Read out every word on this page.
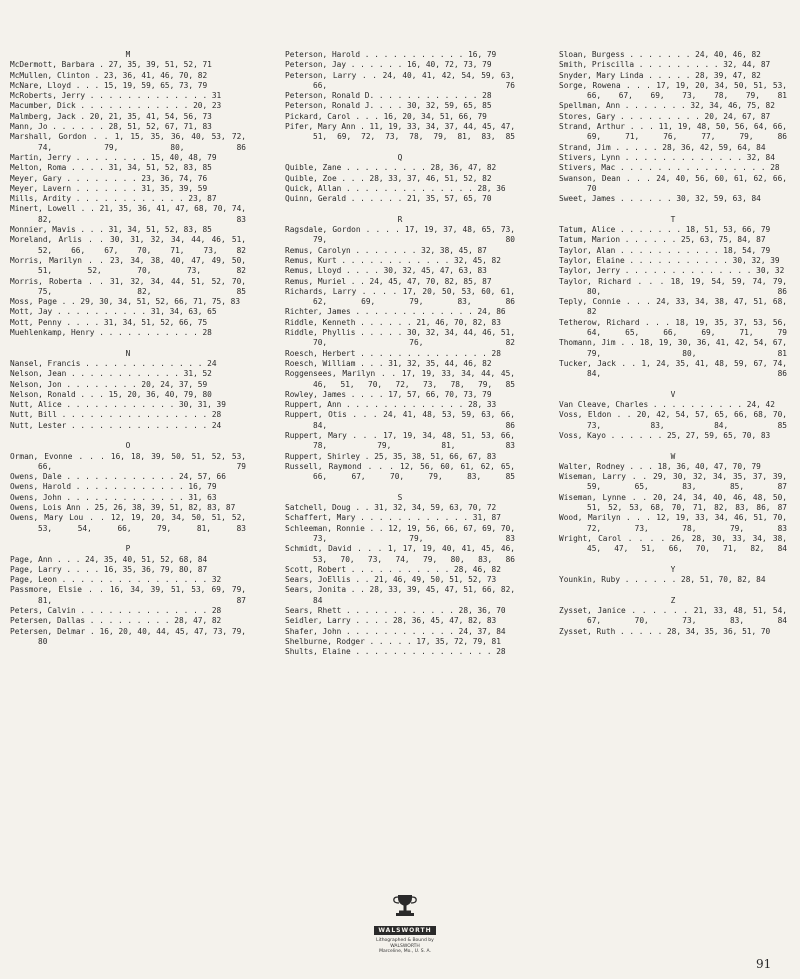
M
McDermott, Barbara . 27, 35, 39, 51, 52, 71
McMullen, Clinton . 23, 36, 41, 46, 70, 82
McNare, Lloyd . . . 15, 19, 59, 65, 73, 79
McRoberts, Jerry . . . . . . . . . . . . . 31
Macumber, Dick . . . . . . . . . . . . 20, 23
Malmberg, Jack . 20, 21, 35, 41, 54, 56, 73
Mann, Jo . . . . . . 28, 51, 52, 67, 71, 83
Marshall, Gordon . . 1, 15, 35, 36, 40, 53, 72, 74, 79, 80, 86
Martin, Jerry . . . . . . . . 15, 40, 48, 79
Melton, Roma . . . . 31, 34, 51, 52, 83, 85
Meyer, Gary . . . . . . . . 23, 36, 74, 76
Meyer, Lavern . . . . . . . 31, 35, 39, 59
Mills, Ardity . . . . . . . . . . . . 23, 87
Minert, Lowell . . 21, 35, 36, 41, 47, 68, 70, 74, 82, 83
Monnier, Mavis . . . 31, 34, 51, 52, 83, 85
Moreland, Arlis . . 30, 31, 32, 34, 44, 46, 51, 52, 66, 67, 70, 71, 73, 82
Morris, Marilyn . . 23, 34, 38, 40, 47, 49, 50, 51, 52, 70, 73, 82
Morris, Roberta . . 31, 32, 34, 44, 51, 52, 70, 75, 82, 85
Moss, Page . . 29, 30, 34, 51, 52, 66, 71, 75, 83
Mott, Jay . . . . . . . . . . 31, 34, 63, 65
Mott, Penny . . . . 31, 34, 51, 52, 66, 75
Muehlenkamp, Henry . . . . . . . . . . . 28
N
Nansel, Francis . . . . . . . . . . . . . 24
Nelson, Jean . . . . . . . . . . . . 31, 52
Nelson, Jon . . . . . . . . 20, 24, 37, 59
Nelson, Ronald . . . 15, 20, 36, 40, 79, 80
Nutt, Alice . . . . . . . . . . . . 30, 31, 39
Nutt, Bill . . . . . . . . . . . . . . . . 28
Nutt, Lester . . . . . . . . . . . . . . . 24
O
Orman, Evonne . . . 16, 18, 39, 50, 51, 52, 53, 66, 79
Owens, Dale . . . . . . . . . . . . 24, 57, 66
Owens, Harold . . . . . . . . . . . . 16, 79
Owens, John . . . . . . . . . . . . . 31, 63
Owens, Lois Ann . 25, 26, 38, 39, 51, 82, 83, 87
Owens, Mary Lou . . 12, 19, 20, 34, 50, 51, 52, 53, 54, 66, 79, 81, 83
P
Page, Ann . . . 24, 35, 40, 51, 52, 68, 84
Page, Larry . . . . 16, 35, 36, 79, 80, 87
Page, Leon . . . . . . . . . . . . . . . . 32
Passmore, Elsie . . 16, 34, 39, 51, 53, 69, 79, 81, 87
Peters, Calvin . . . . . . . . . . . . . . 28
Petersen, Dallas . . . . . . . . . 28, 47, 82
Petersen, Delmar . 16, 20, 40, 44, 45, 47, 73, 79, 80
Peterson, Harold . . . . . . . . . . . 16, 79
Peterson, Jay . . . . . . 16, 40, 72, 73, 79
Peterson, Larry . . 24, 40, 41, 42, 54, 59, 63, 66, 76
Peterson, Ronald D. . . . . . . . . . . . 28
Peterson, Ronald J. . . . 30, 32, 59, 65, 85
Pickard, Carol . . . 16, 20, 34, 51, 66, 79
Pifer, Mary Ann . 11, 19, 33, 34, 37, 44, 45, 47, 51, 69, 72, 73, 78, 79, 81, 83, 85
Q
Quible, Zane . . . . . . . . . 28, 36, 47, 82
Quible, Zoe . . . 28, 33, 37, 46, 51, 52, 82
Quick, Allan . . . . . . . . . . . . . . 28, 36
Quinn, Gerald . . . . . . 21, 35, 57, 65, 70
R
Ragsdale, Gordon . . . . 17, 19, 37, 48, 65, 73, 79, 80
Remus, Carolyn . . . . . . . 32, 38, 45, 87
Remus, Kurt . . . . . . . . . . . . 32, 45, 82
Remus, Lloyd . . . . 30, 32, 45, 47, 63, 83
Remus, Muriel . . 24, 45, 47, 70, 82, 85, 87
Richards, Larry . . . . 17, 20, 50, 53, 60, 61, 62, 69, 79, 83, 86
Richter, James . . . . . . . . . . . . . 24, 86
Riddle, Kenneth . . . . . . 21, 46, 70, 82, 83
Riddle, Phyllis . . . . . 30, 32, 34, 44, 46, 51, 70, 76, 82
Roesch, Herbert . . . . . . . . . . . . . . 28
Roesch, William . . . 31, 32, 35, 44, 46, 82
Roggensees, Marilyn . . 17, 19, 33, 34, 44, 45, 46, 51, 70, 72, 73, 78, 79, 85
Rowley, James . . . . 17, 57, 66, 70, 73, 79
Ruppert, Ann . . . . . . . . . . . . . 28, 33
Ruppert, Otis . . . 24, 41, 48, 53, 59, 63, 66, 84, 86
Ruppert, Mary . . . 17, 19, 34, 48, 51, 53, 66, 78, 79, 81, 83
Ruppert, Shirley . 25, 35, 38, 51, 66, 67, 83
Russell, Raymond . . . 12, 56, 60, 61, 62, 65, 66, 67, 70, 79, 83, 85
S
Satchell, Doug . . 31, 32, 34, 59, 63, 70, 72
Schaffert, Mary . . . . . . . . . . . . 31, 87
Schleeman, Ronnie . . 12, 19, 56, 66, 67, 69, 70, 73, 79, 83
Schmidt, David . . . 1, 17, 19, 40, 41, 45, 46, 53, 70, 73, 74, 79, 80, 83, 86
Scott, Robert . . . . . . . . . . . 28, 46, 82
Sears, JoEllis . . 21, 46, 49, 50, 51, 52, 73
Sears, Jonita . . 28, 33, 39, 45, 47, 51, 66, 82, 84
Sears, Rhett . . . . . . . . . . . . 28, 36, 70
Seidler, Larry . . . . 28, 36, 45, 47, 82, 83
Shafer, John . . . . . . . . . . . . 24, 37, 84
Shelburne, Rodger . . . . . 17, 35, 72, 79, 81
Shults, Elaine . . . . . . . . . . . . . . . 28
Sloan, Burgess . . . . . . . 24, 40, 46, 82
Smith, Priscilla . . . . . . . . . 32, 44, 87
Snyder, Mary Linda . . . . . 28, 39, 47, 82
Sorge, Rowena . . . 17, 19, 20, 34, 50, 51, 53, 66, 67, 69, 73, 78, 79, 81
Spellman, Ann . . . . . . . 32, 34, 46, 75, 82
Stores, Gary . . . . . . . . . 20, 24, 67, 87
Strand, Arthur . . . 11, 19, 48, 50, 56, 64, 66, 69, 71, 76, 77, 79, 86
Strand, Jim . . . . . 28, 36, 42, 59, 64, 84
Stivers, Lynn . . . . . . . . . . . . . 32, 84
Stivers, Mac . . . . . . . . . . . . . . . . 28
Swanson, Dean . . . 24, 40, 56, 60, 61, 62, 66, 70
Sweet, James . . . . . . 30, 32, 59, 63, 84
T
Tatum, Alice . . . . . . . 18, 51, 53, 66, 79
Tatum, Marion . . . . . . 25, 63, 75, 84, 87
Taylor, Alan . . . . . . . . . . . 18, 54, 79
Taylor, Elaine . . . . . . . . . . . 30, 32, 39
Taylor, Jerry . . . . . . . . . . . . . . 30, 32
Taylor, Richard . . . 18, 19, 54, 59, 74, 79, 80, 86
Teply, Connie . . . 24, 33, 34, 38, 47, 51, 68, 82
Tetherow, Richard . . . 18, 19, 35, 37, 53, 56, 64, 65, 66, 69, 71, 79
Thomann, Jim . . 18, 19, 30, 36, 41, 42, 54, 67, 79, 80, 81
Tucker, Jack . . 1, 24, 35, 41, 48, 59, 67, 74, 84, 86
V
Van Cleave, Charles . . . . . . . . . . 24, 42
Voss, Eldon . . 20, 42, 54, 57, 65, 66, 68, 70, 73, 83, 84, 85
Voss, Kayo . . . . . . 25, 27, 59, 65, 70, 83
W
Walter, Rodney . . . 18, 36, 40, 47, 70, 79
Wiseman, Larry . . 29, 30, 32, 34, 35, 37, 39, 59, 65, 83, 85, 87
Wiseman, Lynne . . 20, 24, 34, 40, 46, 48, 50, 51, 52, 53, 68, 70, 71, 82, 83, 86, 87
Wood, Marilyn . . . 12, 19, 33, 34, 46, 51, 70, 72, 73, 78, 79, 83
Wright, Carol . . . . 26, 28, 30, 33, 34, 38, 45, 47, 51, 66, 70, 71, 82, 84
Y
Younkin, Ruby . . . . . . 28, 51, 70, 82, 84
Z
Zysset, Janice . . . . . . 21, 33, 48, 51, 54, 67, 70, 73, 83, 84
Zysset, Ruth . . . . . 28, 34, 35, 36, 51, 70
WALSWORTH
Lithographed & Bound by
WALSWORTH
Marceline, Mo., U. S. A.
91
